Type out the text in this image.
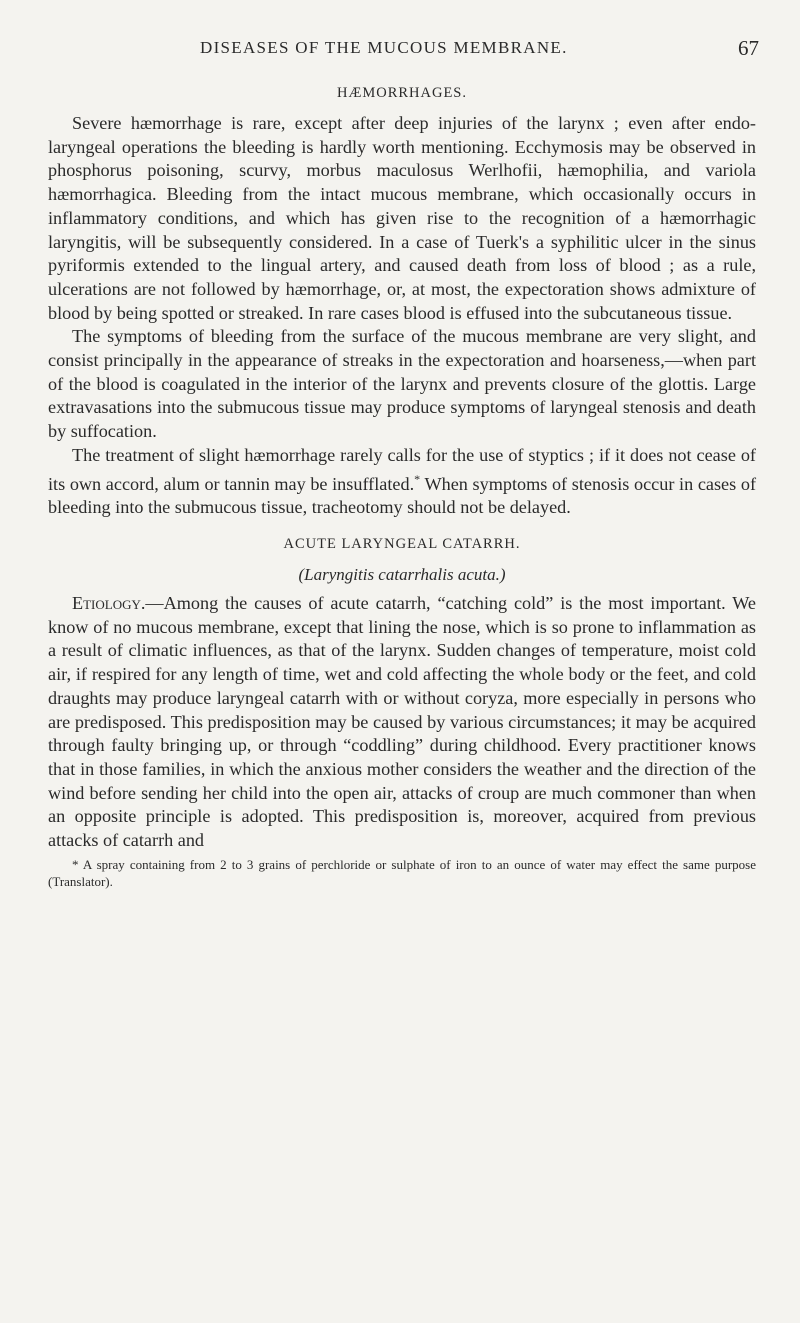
DISEASES OF THE MUCOUS MEMBRANE.	67
HÆMORRHAGES.

Severe hæmorrhage is rare, except after deep injuries of the larynx ; even after endo-laryngeal operations the bleeding is hardly worth mentioning. Ecchymosis may be observed in phosphorus poisoning, scurvy, morbus maculosus Werlhofii, hæmophilia, and variola hæmorrhagica. Bleeding from the intact mucous membrane, which occasionally occurs in inflammatory conditions, and which has given rise to the recognition of a hæmorrhagic laryngitis, will be subsequently considered. In a case of Tuerk's a syphilitic ulcer in the sinus pyriformis extended to the lingual artery, and caused death from loss of blood ; as a rule, ulcerations are not followed by hæmorrhage, or, at most, the expectoration shows admixture of blood by being spotted or streaked. In rare cases blood is effused into the subcutaneous tissue.

The symptoms of bleeding from the surface of the mucous membrane are very slight, and consist principally in the appearance of streaks in the expectoration and hoarseness,—when part of the blood is coagulated in the interior of the larynx and prevents closure of the glottis. Large extravasations into the submucous tissue may produce symptoms of laryngeal stenosis and death by suffocation.

The treatment of slight hæmorrhage rarely calls for the use of styptics ; if it does not cease of its own accord, alum or tannin may be insufflated.* When symptoms of stenosis occur in cases of bleeding into the submucous tissue, tracheotomy should not be delayed.

ACUTE LARYNGEAL CATARRH.
(Laryngitis catarrhalis acuta.)

Etiology.—Among the causes of acute catarrh, “catching cold” is the most important. We know of no mucous membrane, except that lining the nose, which is so prone to inflammation as a result of climatic influences, as that of the larynx. Sudden changes of temperature, moist cold air, if respired for any length of time, wet and cold affecting the whole body or the feet, and cold draughts may produce laryngeal catarrh with or without coryza, more especially in persons who are predisposed. This predisposition may be caused by various circumstances; it may be acquired through faulty bringing up, or through “coddling” during childhood. Every practitioner knows that in those families, in which the anxious mother considers the weather and the direction of the wind before sending her child into the open air, attacks of croup are much commoner than when an opposite principle is adopted. This predisposition is, moreover, acquired from previous attacks of catarrh and

* A spray containing from 2 to 3 grains of perchloride or sulphate of iron to an ounce of water may effect the same purpose (Translator).
